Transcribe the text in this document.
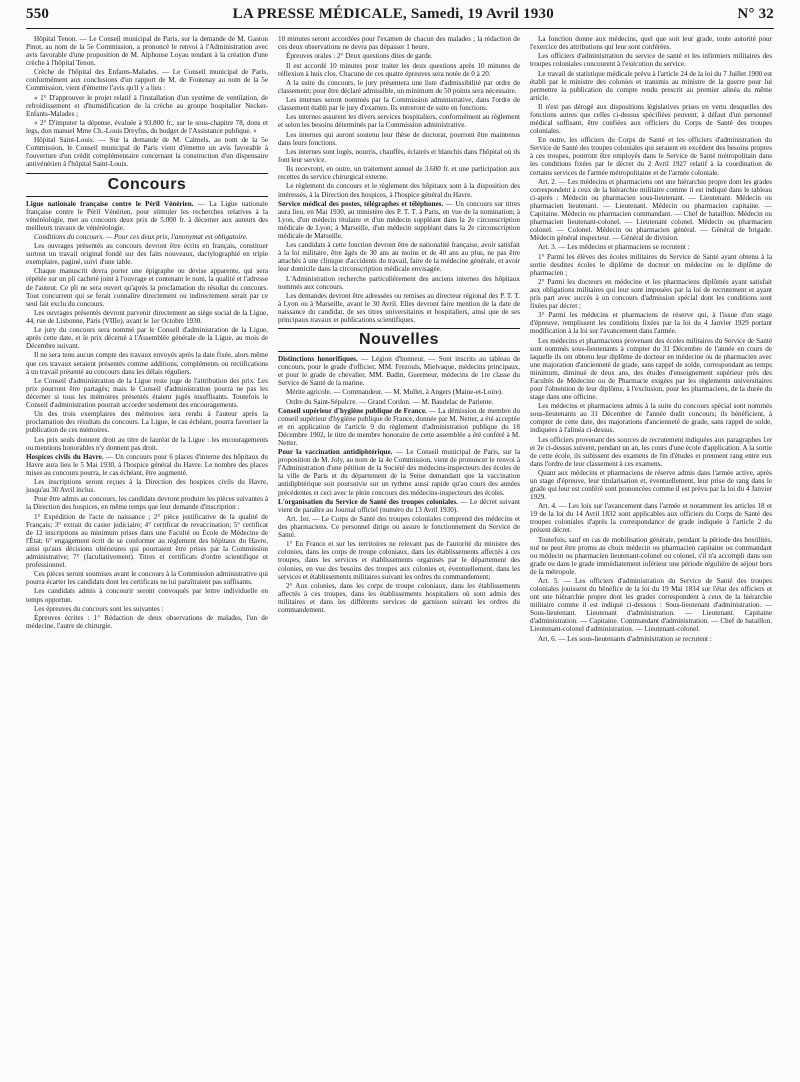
550	LA PRESSE MÉDICALE, Samedi, 19 Avril 1930	N° 32

Hôpital Tenon. — Le Conseil municipal de Paris, sur la demande de M. Gaston Pinot, au nom de la 5e Commission, a prononcé le renvoi à l'Administration avec avis favorable d'une proposition de M. Alphonse Loyau tendant à la création d'une crèche à l'hôpital Tenon.

Crèche de l'hôpital des Enfants-Malades. — Le Conseil municipal de Paris, conformément aux conclusions d'un rapport de M. de Fontenay au nom de la 5e Commission, vient d'émettre l'avis qu'il y a lieu :

« 1° D'approuver le projet relatif à l'installation d'un système de ventilation, de refroidissement et d'humidification de la crèche au groupe hospitalier Necker-Enfants-Malades ;

« 2° D'imputer la dépense, évaluée à 93.800 fr., sur le sous-chapitre 78, dons et legs, don manuel Mme Ch.-Louis Dreyfus, du budget de l'Assistance publique. »

Hôpital Saint-Louis. — Sur la demande de M. Calmels, au nom de la 5e Commission, le Conseil municipal de Paris vient d'émettre un avis favorable à l'ouverture d'un crédit complémentaire concernant la construction d'un dispensaire antivénérien à l'hôpital Saint-Louis.

Concours

Ligue nationale française contre le Péril Vénérien. — La Ligue nationale française contre le Péril Vénérien, pour stimuler les recherches relatives à la vénéréologie, met au concours deux prix de 5.000 fr. à décerner aux auteurs des meilleurs travaux de vénéréologie.

Conditions du concours. — Pour ces deux prix, l'anonymat est obligatoire.

Les ouvrages présentés au concours devront être écrits en français, constituer surtout un travail original fondé sur des faits nouveaux, dactylographié en triple exemplaire, paginé, suivi d'une table.

Chaque manuscrit devra porter une épigraphe ou devise apparente, qui sera répétée sur un pli cacheté joint à l'ouvrage et contenant le nom, la qualité et l'adresse de l'auteur. Ce pli ne sera ouvert qu'après la proclamation du résultat du concours. Tout concurrent qui se ferait connaître directement ou indirectement serait par ce seul fait exclu du concours.

Les ouvrages présentés devront parvenir directement au siège social de la Ligue, 44, rue de Lisbonne, Paris (VIIIe), avant le 1er Octobre 1930.

Le jury du concours sera nommé par le Conseil d'administration de la Ligue, après cette date, et le prix décerné à l'Assemblée générale de la Ligue, au mois de Décembre suivant.

Il ne sera tenu aucun compte des travaux envoyés après la date fixée, alors même que ces travaux seraient présentés comme additions, compléments ou rectifications à un travail présenté au concours dans les délais réguliers.

Le Conseil d'administration de la Ligue reste juge de l'attribution des prix. Les prix pourront être partagés; mais le Conseil d'administration pourra ne pas les décerner si tous les mémoires présentés étaient jugés insuffisants. Toutefois le Conseil d'administration pourrait accorder seulement des encouragements.

Un des trois exemplaires des mémoires sera rendu à l'auteur après la proclamation des résultats du concours. La Ligue, le cas échéant, pourra favoriser la publication de ces mémoires.

Les prix seuls donnent droit au titre de lauréat de la Ligue : les encouragements ou mentions honorables n'y donnent pas droit.

Hospices civils du Havre. — Un concours pour 6 places d'interne des hôpitaux du Havre aura lieu le 5 Mai 1930, à l'hospice général du Havre. Le nombre des places mises au concours pourra, le cas échéant, être augmenté.

Les inscriptions seront reçues à la Direction des hospices civils du Havre, jusqu'au 30 Avril inclus.

Pour être admis au concours, les candidats devront produire les pièces suivantes à la Direction des hospices, en même temps que leur demande d'inscription :

1° Expédition de l'acte de naissance ; 2° pièce justificative de la qualité de Français; 3° extrait du casier judiciaire; 4° certificat de revaccination; 5° certificat de 12 inscriptions au minimum prises dans une Faculté ou École de Médecine de l'État; 6° engagement écrit de se conformer au règlement des hôpitaux du Havre, ainsi qu'aux décisions ultérieures qui pourraient être prises par la Commission administrative; 7° (facultativement). Titres et certificats d'ordre scientifique et professionnel.

Ces pièces seront soumises avant le concours à la Commission administrative qui pourra écarter les candidats dont les certificats ne lui paraîtraient pas suffisants.

Les candidats admis à concourir seront convoqués par lettre individuelle en temps opportun.

Les épreuves du concours sont les suivantes :

Épreuves écrites : 1° Rédaction de deux observations de malades, l'un de médecine, l'autre de chirurgie.

10 minutes seront accordées pour l'examen de chacun des malades ; la rédaction de ces deux observations ne devra pas dépasser 1 heure.

Épreuves orales : 2° Deux questions dites de garde.

Il est accordé 10 minutes pour traiter les deux questions après 10 minutes de réflexion à huis clos. Chacune de ces quatre épreuves sera notée de 0 à 20.

A la suite du concours, le jury présentera une liste d'admissibilité par ordre de classement; pour être déclaré admissible, un minimum de 50 points sera nécessaire.

Les internes seront nommés par la Commission administrative, dans l'ordre de classement établi par le jury d'examen. Ils entreront de suite en fonctions.

Les internes assurent les divers services hospitaliers, conformément au règlement et selon les besoins déterminés par la Commission administrative.

Les internes qui auront soutenu leur thèse de doctorat, pourront être maintenus dans leurs fonctions.

Les internes sont logés, nourris, chauffés, éclairés et blanchis dans l'hôpital où ils font leur service.

Ils recevront, en outre, un traitement annuel de 3.600 fr. et une participation aux recettes du service chirurgical externe.

Le règlement du concours et le règlement des hôpitaux sont à la disposition des intéressés, à la Direction des hospices, à l'hospice général du Havre.

Service médical des postes, télégraphes et téléphones. — Un concours sur titres aura lieu, en Mai 1930, au ministère des P. T. T. à Paris, en vue de la nomination; à Lyon, d'un médecin titulaire et d'un médecin suppléant dans la 2e circonscription médicale de Lyon; à Marseille, d'un médecin suppléant dans la 2e circonscription médicale de Marseille.

Les candidats à cette fonction devront être de nationalité française, avoir satisfait à la loi militaire, être âgés de 30 ans au moins et de 40 ans au plus, ne pas être attachés à une clinique d'accidents du travail, faire de la médecine générale, et avoir leur domicile dans la circonscription médicale envisagée.

L'Administration recherche particulièrement des anciens internes des hôpitaux nommés aux concours.

Les demandes devront être adressées ou remises au directeur régional des P. T. T. à Lyon ou à Marseille, avant le 30 Avril. Elles devront faire mention de la date de naissance du candidat, de ses titres universitaires et hospitaliers, ainsi que de ses principaux travaux et publications scientifiques.

Nouvelles

Distinctions honorifiques. — Légion d'honneur. — Sont inscrits au tableau de concours, pour le grade d'officier, MM. Frezouls, Mielvaque, médecins principaux, et pour le grade de chevalier, MM. Badin, Guermeur, médecins de 1re classe du Service de Santé de la marine.

Mérite agricole. — Commandeur. — M. Mullet, à Angers (Maine-et-Loire).

Ordre du Saint-Sépulcre. — Grand Cordon. — M. Baudelac de Pariente.

Conseil supérieur d'hygiène publique de France. — La démission de membre du conseil supérieur d'hygiène publique de France, donnée par M. Netter, a été acceptée et en application de l'article 9 du règlement d'administration publique du 18 Décembre 1902, le titre de membre honoraire de cette assemblée a été conféré à M. Netter.

Pour la vaccination antidiphtérique. — Le Conseil municipal de Paris, sur la proposition de M. Joly, au nom de la 4e Commission, vient de prononcer le renvoi à l'Administration d'une pétition de la Société des médecins-inspecteurs des écoles de la ville de Paris et du département de la Seine demandant que la vaccination antidiphtérique soit poursuivie sur un rythme aussi rapide qu'au cours des années précédentes et ceci avec le plein concours des médecins-inspecteurs des écoles.

L'organisation du Service de Santé des troupes coloniales. — Le décret suivant vient de paraître au Journal officiel (numéro du 13 Avril 1930).

Art. 1er. — Le Corps de Santé des troupes coloniales comprend des médecins et des pharmaciens. Ce personnel dirige ou assure le fonctionnement du Service de Santé.

1° En France et sur les territoires ne relevant pas de l'autorité du ministre des colonies, dans les corps de troupe coloniaux, dans les établissements affectés à ces troupes, dans les services et établissements organisés par le département des colonies, en vue des besoins des troupes aux colonies et, éventuellement, dans les services et établissements militaires suivant les ordres du commandement;

2° Aux colonies, dans les corps de troupe coloniaux, dans les établissements affectés à ces troupes, dans les établissements hospitaliers où sont admis des militaires et dans les différents services de garnison suivant les ordres du commandement.

La fonction donne aux médecins, quel que soit leur grade, toute autorité pour l'exercice des attributions qui leur sont conférées.

Les officiers d'administration du service de santé et les infirmiers militaires des troupes coloniales concourent à l'exécution du service.

Le travail de statistique médicale prévu à l'article 24 de la loi du 7 Juillet 1900 est établi par le ministre des colonies et transmis au ministre de la guerre pour lui permettre la publication du compte rendu prescrit au premier alinéa du même article.

Il n'est pas dérogé aux dispositions législatives prises en vertu desquelles des fonctions autres que celles ci-dessus spécifiées peuvent, à défaut d'un personnel médical suffisant, être confiées aux officiers du Corps de Santé des troupes coloniales.

En outre, les officiers du Corps de Santé et les officiers d'administration du Service de Santé des troupes coloniales qui seraient en excédent des besoins propres à ces troupes, pourront être employés dans le Service de Santé métropolitain dans les conditions fixées par le décret du 2 Avril 1927 relatif à la coordination de certains services de l'armée métropolitaine et de l'armée coloniale.

Art. 2. — Les médecins et pharmaciens ont une hiérarchie propre dont les grades correspondent à ceux de la hiérarchie militaire comme il est indiqué dans le tableau ci-après : Médecin ou pharmacien sous-lieutenant. — Lieutenant. Médecin ou pharmacien lieutenant. — Lieutenant. Médecin ou pharmacien capitaine. — Capitaine. Médecin ou pharmacien commandant. — Chef de bataillon. Médecin ou pharmacien lieutenant-colonel. — Lieutenant colonel. Médecin ou pharmacien colonel. — Colonel. Médecin ou pharmacien général. — Général de brigade. Médecin général inspecteur. — Général de division.

Art. 3. — Les médecins et pharmaciens se recrutent :

1° Parmi les élèves des écoles militaires du Service de Santé ayant obtenu à la sortie desdites écoles le diplôme de docteur en médecine ou le diplôme de pharmacien ;

2° Parmi les docteurs en médecine et les pharmaciens diplômés ayant satisfait aux obligations militaires qui leur sont imposées par la loi de recrutement et ayant pris part avec succès à un concours d'admission spécial dont les conditions sont fixées par décret ;

3° Parmi les médecins et pharmaciens de réserve qui, à l'issue d'un stage d'épreuve, remplissent les conditions fixées par la loi du 4 Janvier 1929 portant modification à la loi sur l'avancement dans l'armée.

Les médecins et pharmaciens provenant des écoles militaires du Service de Santé sont nommés sous-lieutenants à compter du 31 Décembre de l'année en cours de laquelle ils ont obtenu leur diplôme de docteur en médecine ou de pharmacien avec une majoration d'ancienneté de grade, sans rappel de solde, correspondant au temps minimum, diminué de deux ans, des études d'enseignement supérieur près des Facultés de Médecine ou de Pharmacie exigées par les règlements universitaires pour l'obtention de leur diplôme, à l'exclusion, pour les pharmaciens, de la durée du stage dans une officine.

Les médecins et pharmaciens admis à la suite du concours spécial sont nommés sous-lieutenants au 31 Décembre de l'année dudit concours; ils bénéficient, à compter de cette date, des majorations d'ancienneté de grade, sans rappel de solde, indiquées à l'alinéa ci-dessus.

Les officiers provenant des sources de recrutement indiquées aux paragraphes 1er et 2e ci-dessus suivent, pendant un an, les cours d'une école d'application. A la sortie de cette école, ils subissent des examens de fin d'études et prennent rang entre eux dans l'ordre de leur classement à ces examens.

Quant aux médecins et pharmaciens de réserve admis dans l'armée active, après un stage d'épreuve, leur titularisation et, éventuellement, leur prise de rang dans le grade qui leur est conféré sont prononcées comme il est prévu par la loi du 4 Janvier 1929.

Art. 4. — Les lois sur l'avancement dans l'armée et notamment les articles 18 et 19 de la loi du 14 Avril 1832 sont applicables aux officiers du Corps de Santé des troupes coloniales d'après la correspondance de grade indiquée à l'article 2 du présent décret.

Toutefois, sauf en cas de mobilisation générale, pendant la période des hostilités, nul ne peut être promu au choix médecin ou pharmacien capitaine ou commandant ou médecin ou pharmacien lieutenant-colonel ou colonel, s'il n'a accompli dans son grade ou dans le grade immédiatement inférieur une période régulière de séjour hors de la métropole.

Art. 5. — Les officiers d'administration du Service de Santé des troupes coloniales jouissent du bénéfice de la loi du 19 Mai 1834 sur l'état des officiers et ont une hiérarchie propre dont les grades correspondent à ceux de la hiérarchie militaire comme il est indiqué ci-dessous : Sous-lieutenant d'administration. — Sous-lieutenant. Lieutenant d'administration. — Lieutenant. Capitaine d'administration. — Capitaine. Commandant d'administration. — Chef de bataillon. Lieutenant-colonel d'administration. — Lieutenant-colonel.

Art. 6. — Les sous-lieutenants d'administration se recrutent :
